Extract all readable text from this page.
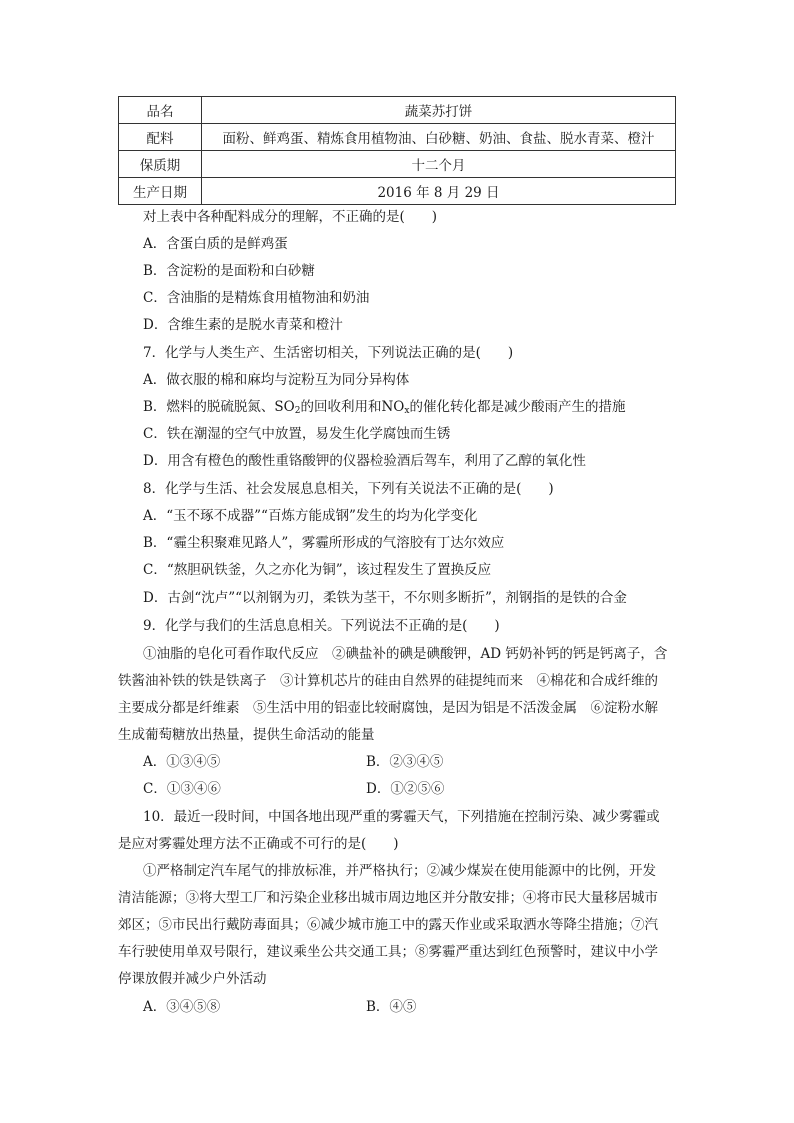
品名	蔬菜苏打饼
配料	面粉、鲜鸡蛋、精炼食用植物油、白砂糖、奶油、食盐、脱水青菜、橙汁
保质期	十二个月
生产日期	2016 年 8 月 29 日
对上表中各种配料成分的理解，不正确的是(　　)
A．含蛋白质的是鲜鸡蛋
B．含淀粉的是面粉和白砂糖
C．含油脂的是精炼食用植物油和奶油
D．含维生素的是脱水青菜和橙汁
7．化学与人类生产、生活密切相关，下列说法正确的是(　　)
A．做衣服的棉和麻均与淀粉互为同分异构体
B．燃料的脱硫脱氮、$SO_2$的回收利用和$NO_x$的催化转化都是减少酸雨产生的措施
C．铁在潮湿的空气中放置，易发生化学腐蚀而生锈
D．用含有橙色的酸性重铬酸钾的仪器检验酒后驾车，利用了乙醇的氧化性
8．化学与生活、社会发展息息相关，下列有关说法不正确的是(　　)
A．“玉不琢不成器”“百炼方能成钢”发生的均为化学变化
B．“霾尘积聚难见路人”，雾霾所形成的气溶胶有丁达尔效应
C．“熬胆矾铁釜，久之亦化为铜”，该过程发生了置换反应
D．古剑“沈卢”“以剂钢为刃，柔铁为茎干，不尔则多断折”，剂钢指的是铁的合金
9．化学与我们的生活息息相关。下列说法不正确的是(　　)
①油脂的皂化可看作取代反应　②碘盐补的碘是碘酸钾，AD 钙奶补钙的钙是钙离子，含
铁酱油补铁的铁是铁离子　③计算机芯片的硅由自然界的硅提纯而来　④棉花和合成纤维的
主要成分都是纤维素　⑤生活中用的铝壶比较耐腐蚀，是因为铝是不活泼金属　⑥淀粉水解
生成葡萄糖放出热量，提供生命活动的能量
A．①③④⑤	B．②③④⑤
C．①③④⑥	D．①②⑤⑥
10．最近一段时间，中国各地出现严重的雾霾天气，下列措施在控制污染、减少雾霾或
是应对雾霾处理方法不正确或不可行的是(　　)
①严格制定汽车尾气的排放标准，并严格执行；②减少煤炭在使用能源中的比例，开发
清洁能源；③将大型工厂和污染企业移出城市周边地区并分散安排；④将市民大量移居城市
郊区；⑤市民出行戴防毒面具；⑥减少城市施工中的露天作业或采取洒水等降尘措施；⑦汽
车行驶使用单双号限行，建议乘坐公共交通工具；⑧雾霾严重达到红色预警时，建议中小学
停课放假并减少户外活动
A．③④⑤⑧	B．④⑤
